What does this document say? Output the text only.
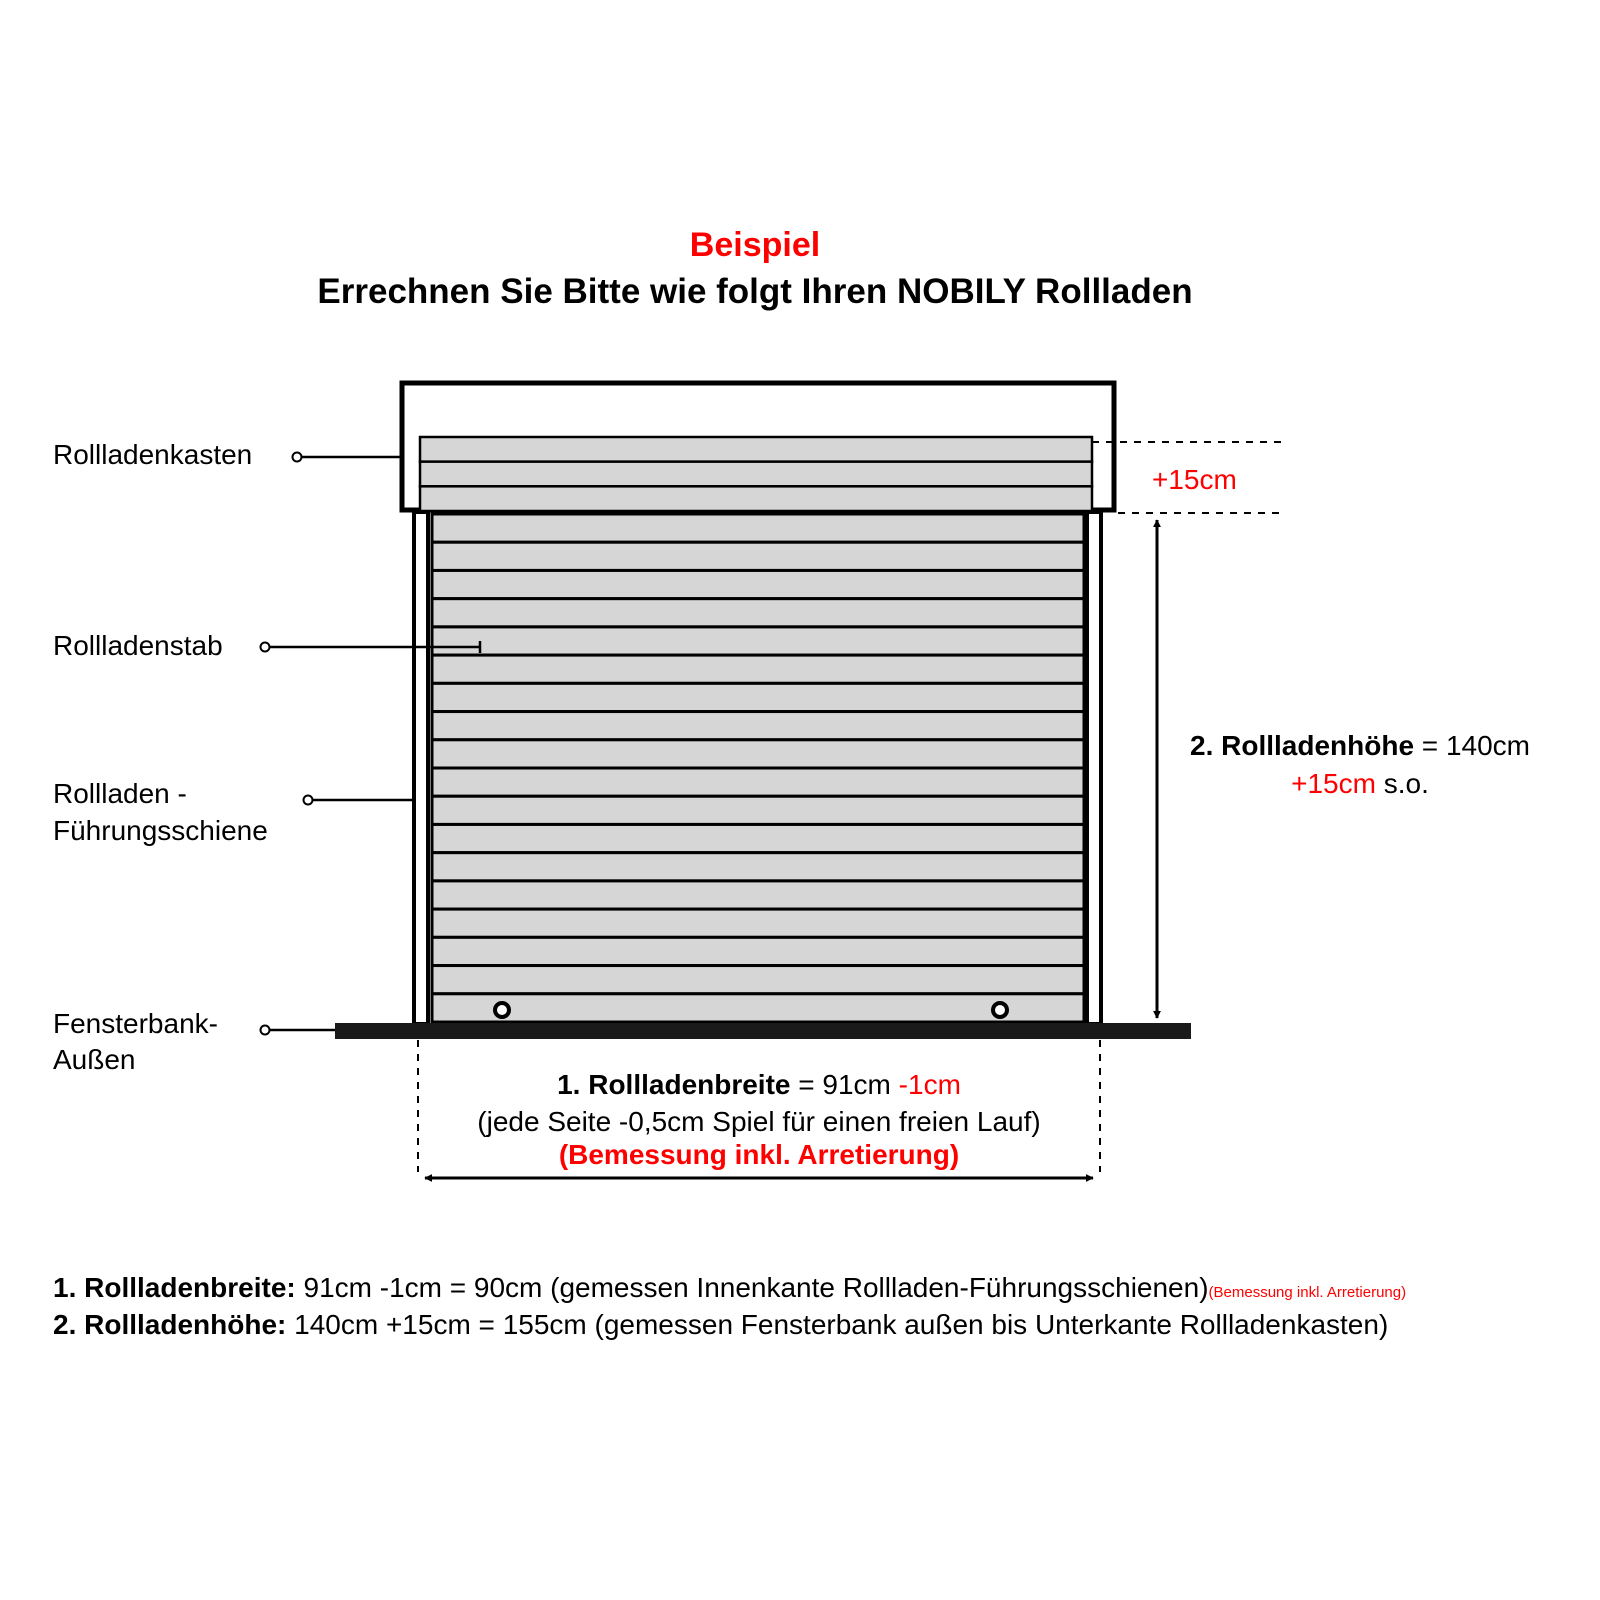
Beispiel
Errechnen Sie Bitte wie folgt Ihren NOBILY Rollladen
Rollladenkasten
Rollladenstab
Rollladen -
Führungsschiene
Fensterbank-
Außen
+15cm
2. Rollladenhöhe = 140cm
+15cm s.o.
1. Rollladenbreite = 91cm -1cm
(jede Seite -0,5cm Spiel für einen freien Lauf)
(Bemessung inkl. Arretierung)
1. Rollladenbreite: 91cm -1cm = 90cm (gemessen Innenkante Rollladen-Führungsschienen)(Bemessung inkl. Arretierung)
2. Rollladenhöhe: 140cm +15cm = 155cm (gemessen Fensterbank außen bis Unterkante Rollladenkasten)
